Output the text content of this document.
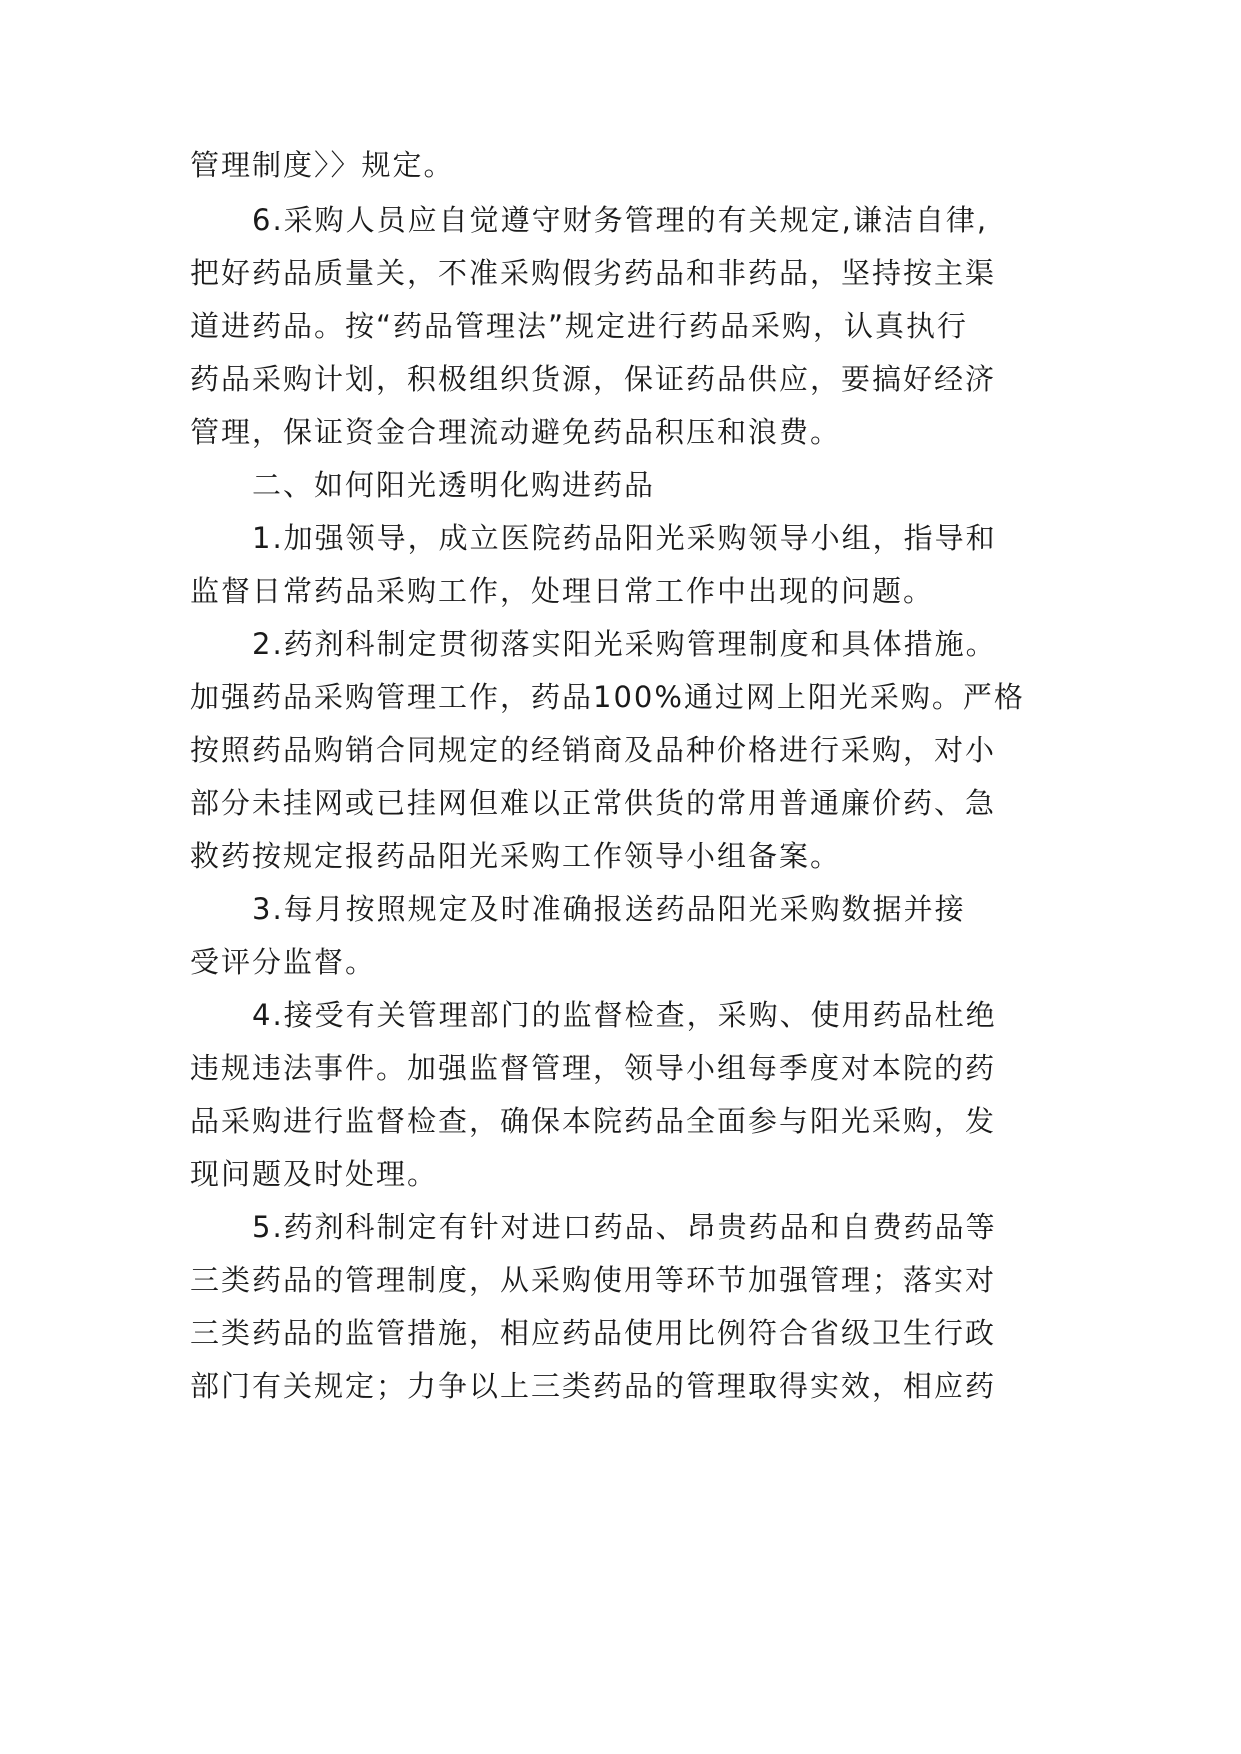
管理制度〉〉规定。
6.采购人员应自觉遵守财务管理的有关规定,谦洁自律,
把好药品质量关，不准采购假劣药品和非药品，坚持按主渠
道进药品。按“药品管理法”规定进行药品采购，认真执行
药品采购计划，积极组织货源，保证药品供应，要搞好经济
管理，保证资金合理流动避免药品积压和浪费。
二、如何阳光透明化购进药品
1.加强领导，成立医院药品阳光采购领导小组，指导和
监督日常药品采购工作，处理日常工作中出现的问题。
2.药剂科制定贯彻落实阳光采购管理制度和具体措施。
加强药品采购管理工作，药品100%通过网上阳光采购。严格
按照药品购销合同规定的经销商及品种价格进行采购，对小
部分未挂网或已挂网但难以正常供货的常用普通廉价药、急
救药按规定报药品阳光采购工作领导小组备案。
3.每月按照规定及时准确报送药品阳光采购数据并接
受评分监督。
4.接受有关管理部门的监督检查，采购、使用药品杜绝
违规违法事件。加强监督管理，领导小组每季度对本院的药
品采购进行监督检查，确保本院药品全面参与阳光采购，发
现问题及时处理。
5.药剂科制定有针对进口药品、昂贵药品和自费药品等
三类药品的管理制度，从采购使用等环节加强管理；落实对
三类药品的监管措施，相应药品使用比例符合省级卫生行政
部门有关规定；力争以上三类药品的管理取得实效，相应药
